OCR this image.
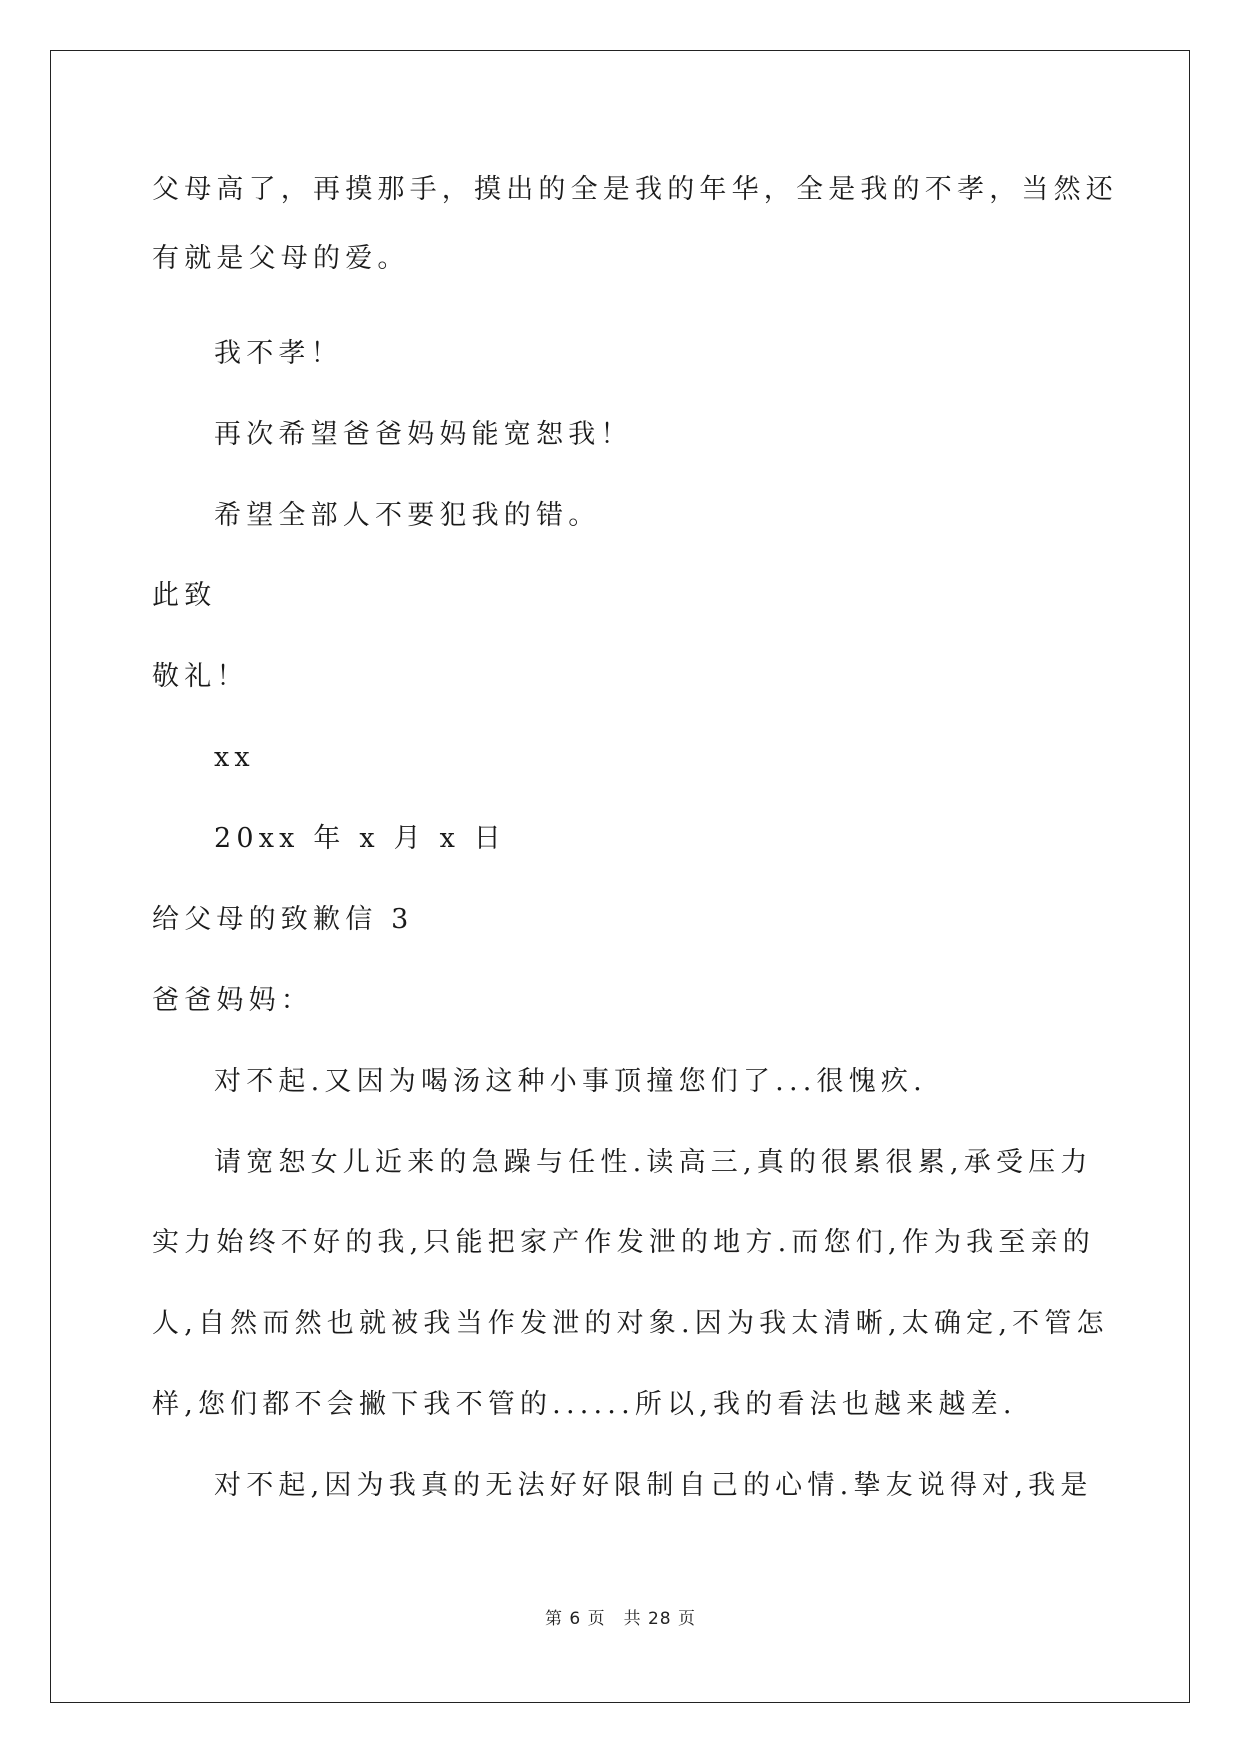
父母高了，再摸那手，摸出的全是我的年华，全是我的不孝，当然还
有就是父母的爱。
我不孝！
再次希望爸爸妈妈能宽恕我！
希望全部人不要犯我的错。
此致
敬礼！
xx
20xx 年 x 月 x 日
给父母的致歉信 3
爸爸妈妈：
对不起.又因为喝汤这种小事顶撞您们了...很愧疚.
请宽恕女儿近来的急躁与任性.读高三,真的很累很累,承受压力
实力始终不好的我,只能把家产作发泄的地方.而您们,作为我至亲的
人,自然而然也就被我当作发泄的对象.因为我太清晰,太确定,不管怎
样,您们都不会撇下我不管的......所以,我的看法也越来越差.
对不起,因为我真的无法好好限制自己的心情.挚友说得对,我是
第 6 页 共 28 页
